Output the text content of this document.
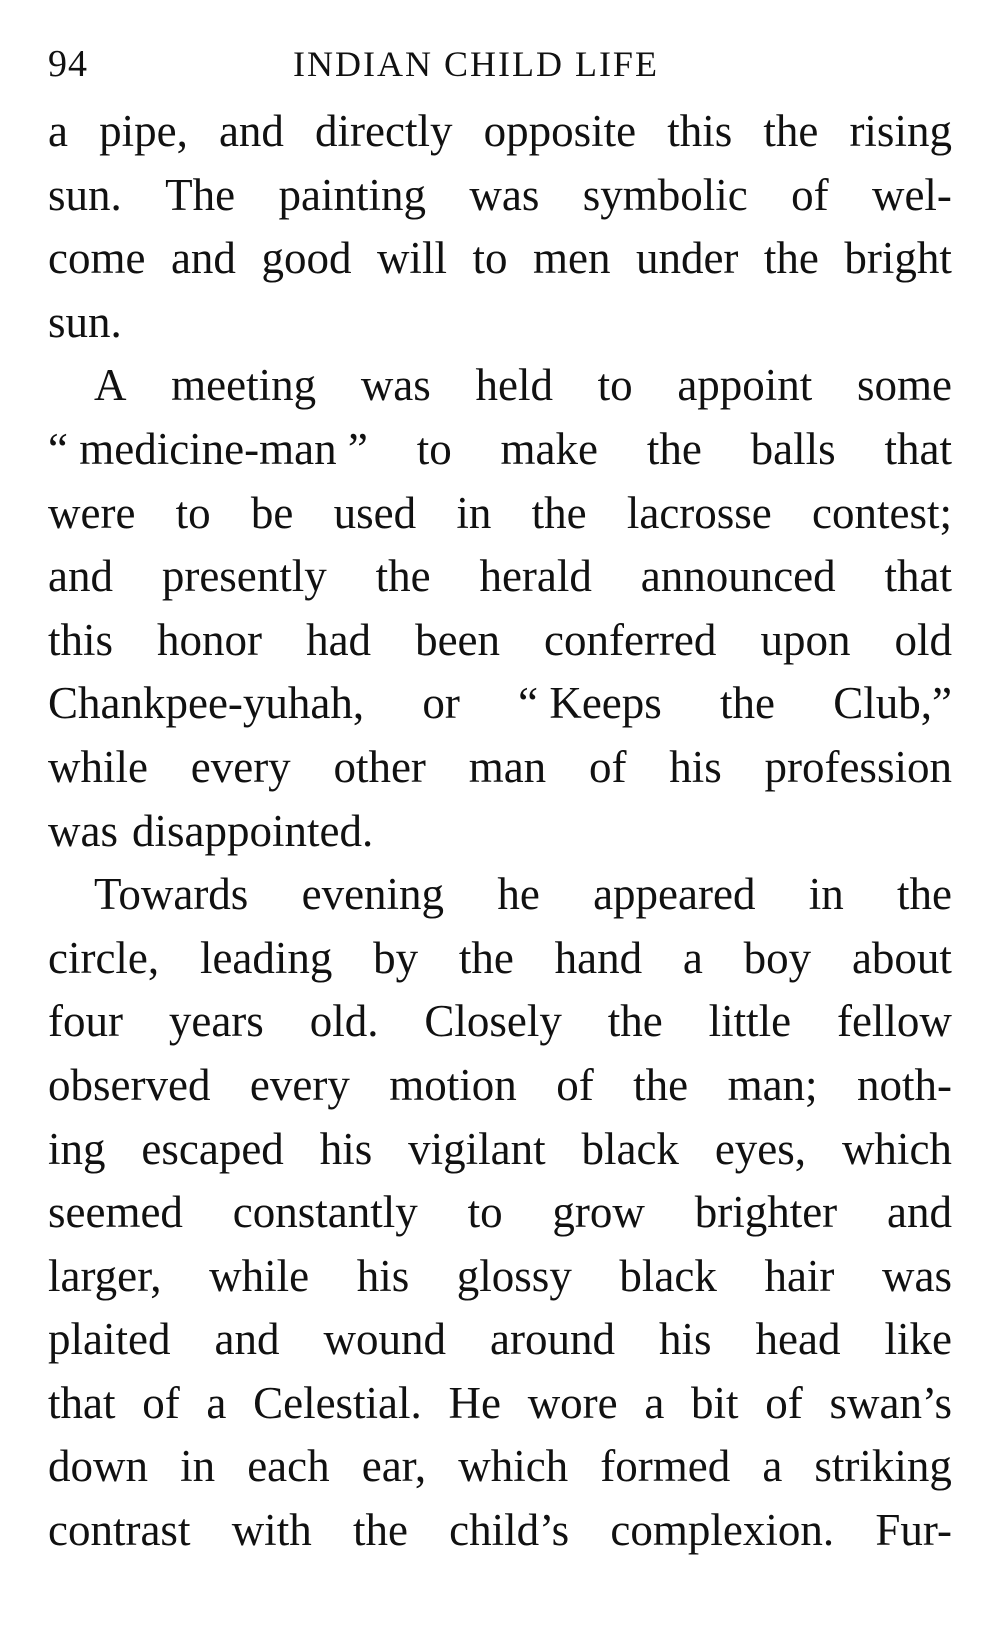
94	INDIAN CHILD LIFE
a pipe, and directly opposite this the rising
sun. The painting was symbolic of wel-
come and good will to men under the bright
sun.
A meeting was held to appoint some
“ medicine-man ” to make the balls that
were to be used in the lacrosse contest;
and presently the herald announced that
this honor had been conferred upon old
Chankpee-yuhah, or “ Keeps the Club,”
while every other man of his profession
was disappointed.
Towards evening he appeared in the
circle, leading by the hand a boy about
four years old. Closely the little fellow
observed every motion of the man; noth-
ing escaped his vigilant black eyes, which
seemed constantly to grow brighter and
larger, while his glossy black hair was
plaited and wound around his head like
that of a Celestial. He wore a bit of swan’s
down in each ear, which formed a striking
contrast with the child’s complexion. Fur-
